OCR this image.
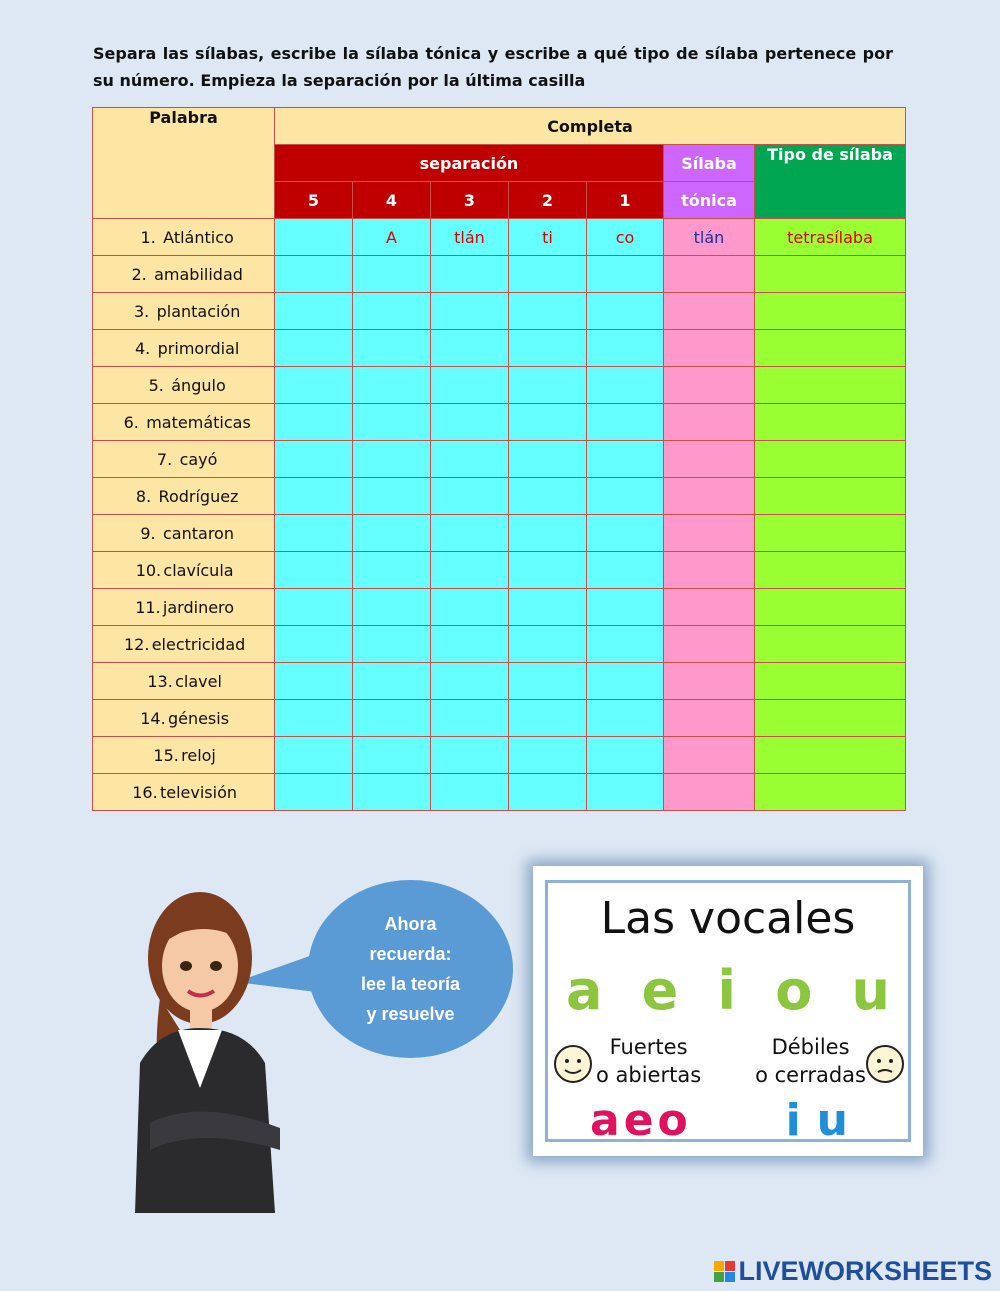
Separa las sílabas, escribe la sílaba tónica y escribe a qué tipo de sílaba pertenece por su número. Empieza la separación por la última casilla
Palabra	Completa						
	separación					Sílaba	Tipo de sílaba
	5	4	3	2	1	tónica	
1. Atlántico		A	tlán	ti	co	tlán	tetrasílaba
2. amabilidad							
3. plantación							
4. primordial							
5. ángulo							
6. matemáticas							
7. cayó							
8. Rodríguez							
9. cantaron							
10. clavícula							
11. jardinero							
12. electricidad							
13. clavel							
14. génesis							
15. reloj							
16. televisión							
Ahora
recuerda:
lee la teoría
y resuelve
Las vocales
a e i o u
Fuertes
o abiertas
Débiles
o cerradas
aeo iu
LIVEWORKSHEETS
